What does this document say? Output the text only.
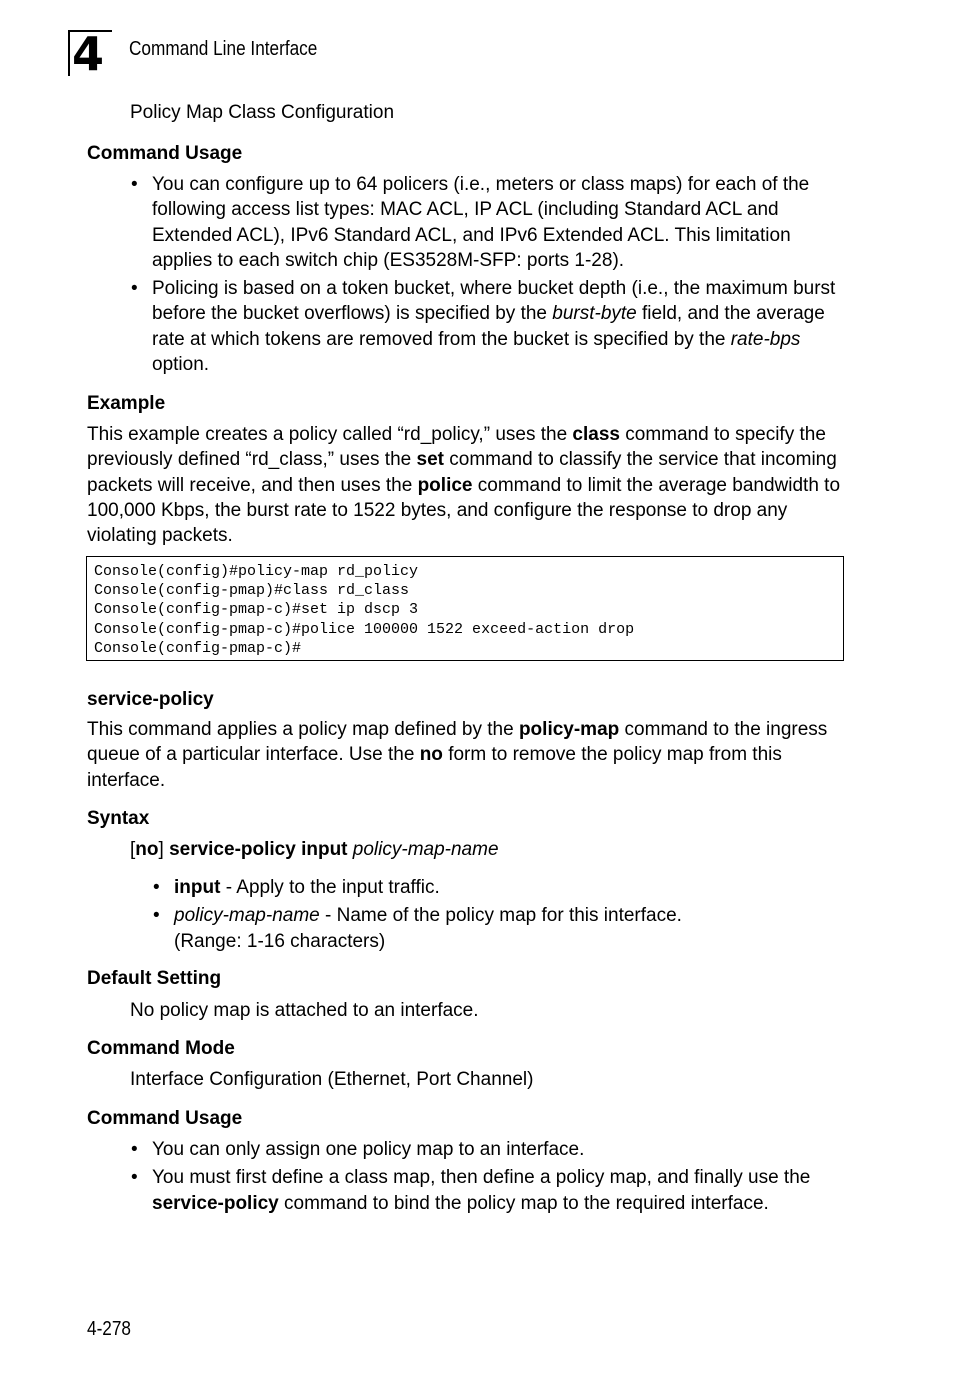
4	Command Line Interface
Policy Map Class Configuration
Command Usage
• You can configure up to 64 policers (i.e., meters or class maps) for each of the following access list types: MAC ACL, IP ACL (including Standard ACL and Extended ACL), IPv6 Standard ACL, and IPv6 Extended ACL. This limitation applies to each switch chip (ES3528M-SFP: ports 1-28).
• Policing is based on a token bucket, where bucket depth (i.e., the maximum burst before the bucket overflows) is specified by the burst-byte field, and the average rate at which tokens are removed from the bucket is specified by the rate-bps option.
Example
This example creates a policy called “rd_policy,” uses the class command to specify the previously defined “rd_class,” uses the set command to classify the service that incoming packets will receive, and then uses the police command to limit the average bandwidth to 100,000 Kbps, the burst rate to 1522 bytes, and configure the response to drop any violating packets.
Console(config)#policy-map rd_policy
Console(config-pmap)#class rd_class
Console(config-pmap-c)#set ip dscp 3
Console(config-pmap-c)#police 100000 1522 exceed-action drop
Console(config-pmap-c)#
service-policy
This command applies a policy map defined by the policy-map command to the ingress queue of a particular interface. Use the no form to remove the policy map from this interface.
Syntax
[no] service-policy input policy-map-name
• input - Apply to the input traffic.
• policy-map-name - Name of the policy map for this interface.
(Range: 1-16 characters)
Default Setting
No policy map is attached to an interface.
Command Mode
Interface Configuration (Ethernet, Port Channel)
Command Usage
• You can only assign one policy map to an interface.
• You must first define a class map, then define a policy map, and finally use the service-policy command to bind the policy map to the required interface.
4-278
